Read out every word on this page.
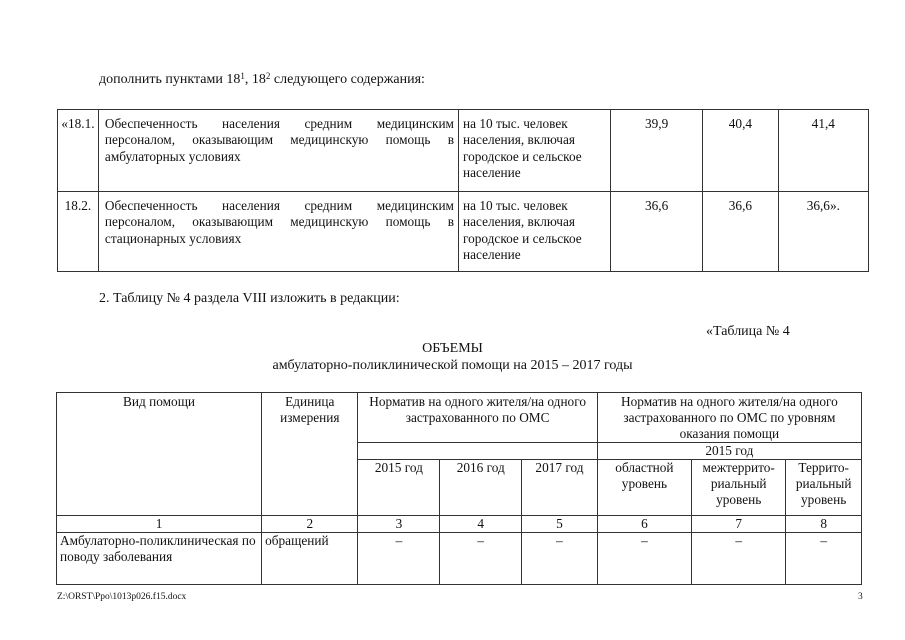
дополнить пунктами $18^1$, $18^2$ следующего содержания:
«18.1.	Обеспеченность населения средним медицинским персоналом, оказывающим медицинскую помощь в амбулаторных условиях	на 10 тыс. человек населения, включая городское и сельское население	39,9	40,4	41,4
18.2.	Обеспеченность населения средним медицинским персоналом, оказывающим медицинскую помощь в стационарных условиях	на 10 тыс. человек населения, включая городское и сельское население	36,6	36,6	36,6».
2. Таблицу № 4 раздела VIII изложить в редакции:
«Таблица № 4
ОБЪЕМЫ
амбулаторно-поликлинической помощи на 2015 – 2017 годы
Вид помощи	Единица измерения	Норматив на одного жителя/на одного застрахованного по ОМС			Норматив на одного жителя/на одного застрахованного по ОМС по уровням оказания помощи		
					2015 год		
		2015 год	2016 год	2017 год	областной уровень	межтеррито-риальный уровень	Террито-риальный уровень
1	2	3	4	5	6	7	8
Амбулаторно-поликлиническая по поводу заболевания	обращений	–	–	–	–	–	–
Z:\ORST\Ppo\1013p026.f15.docx	3
